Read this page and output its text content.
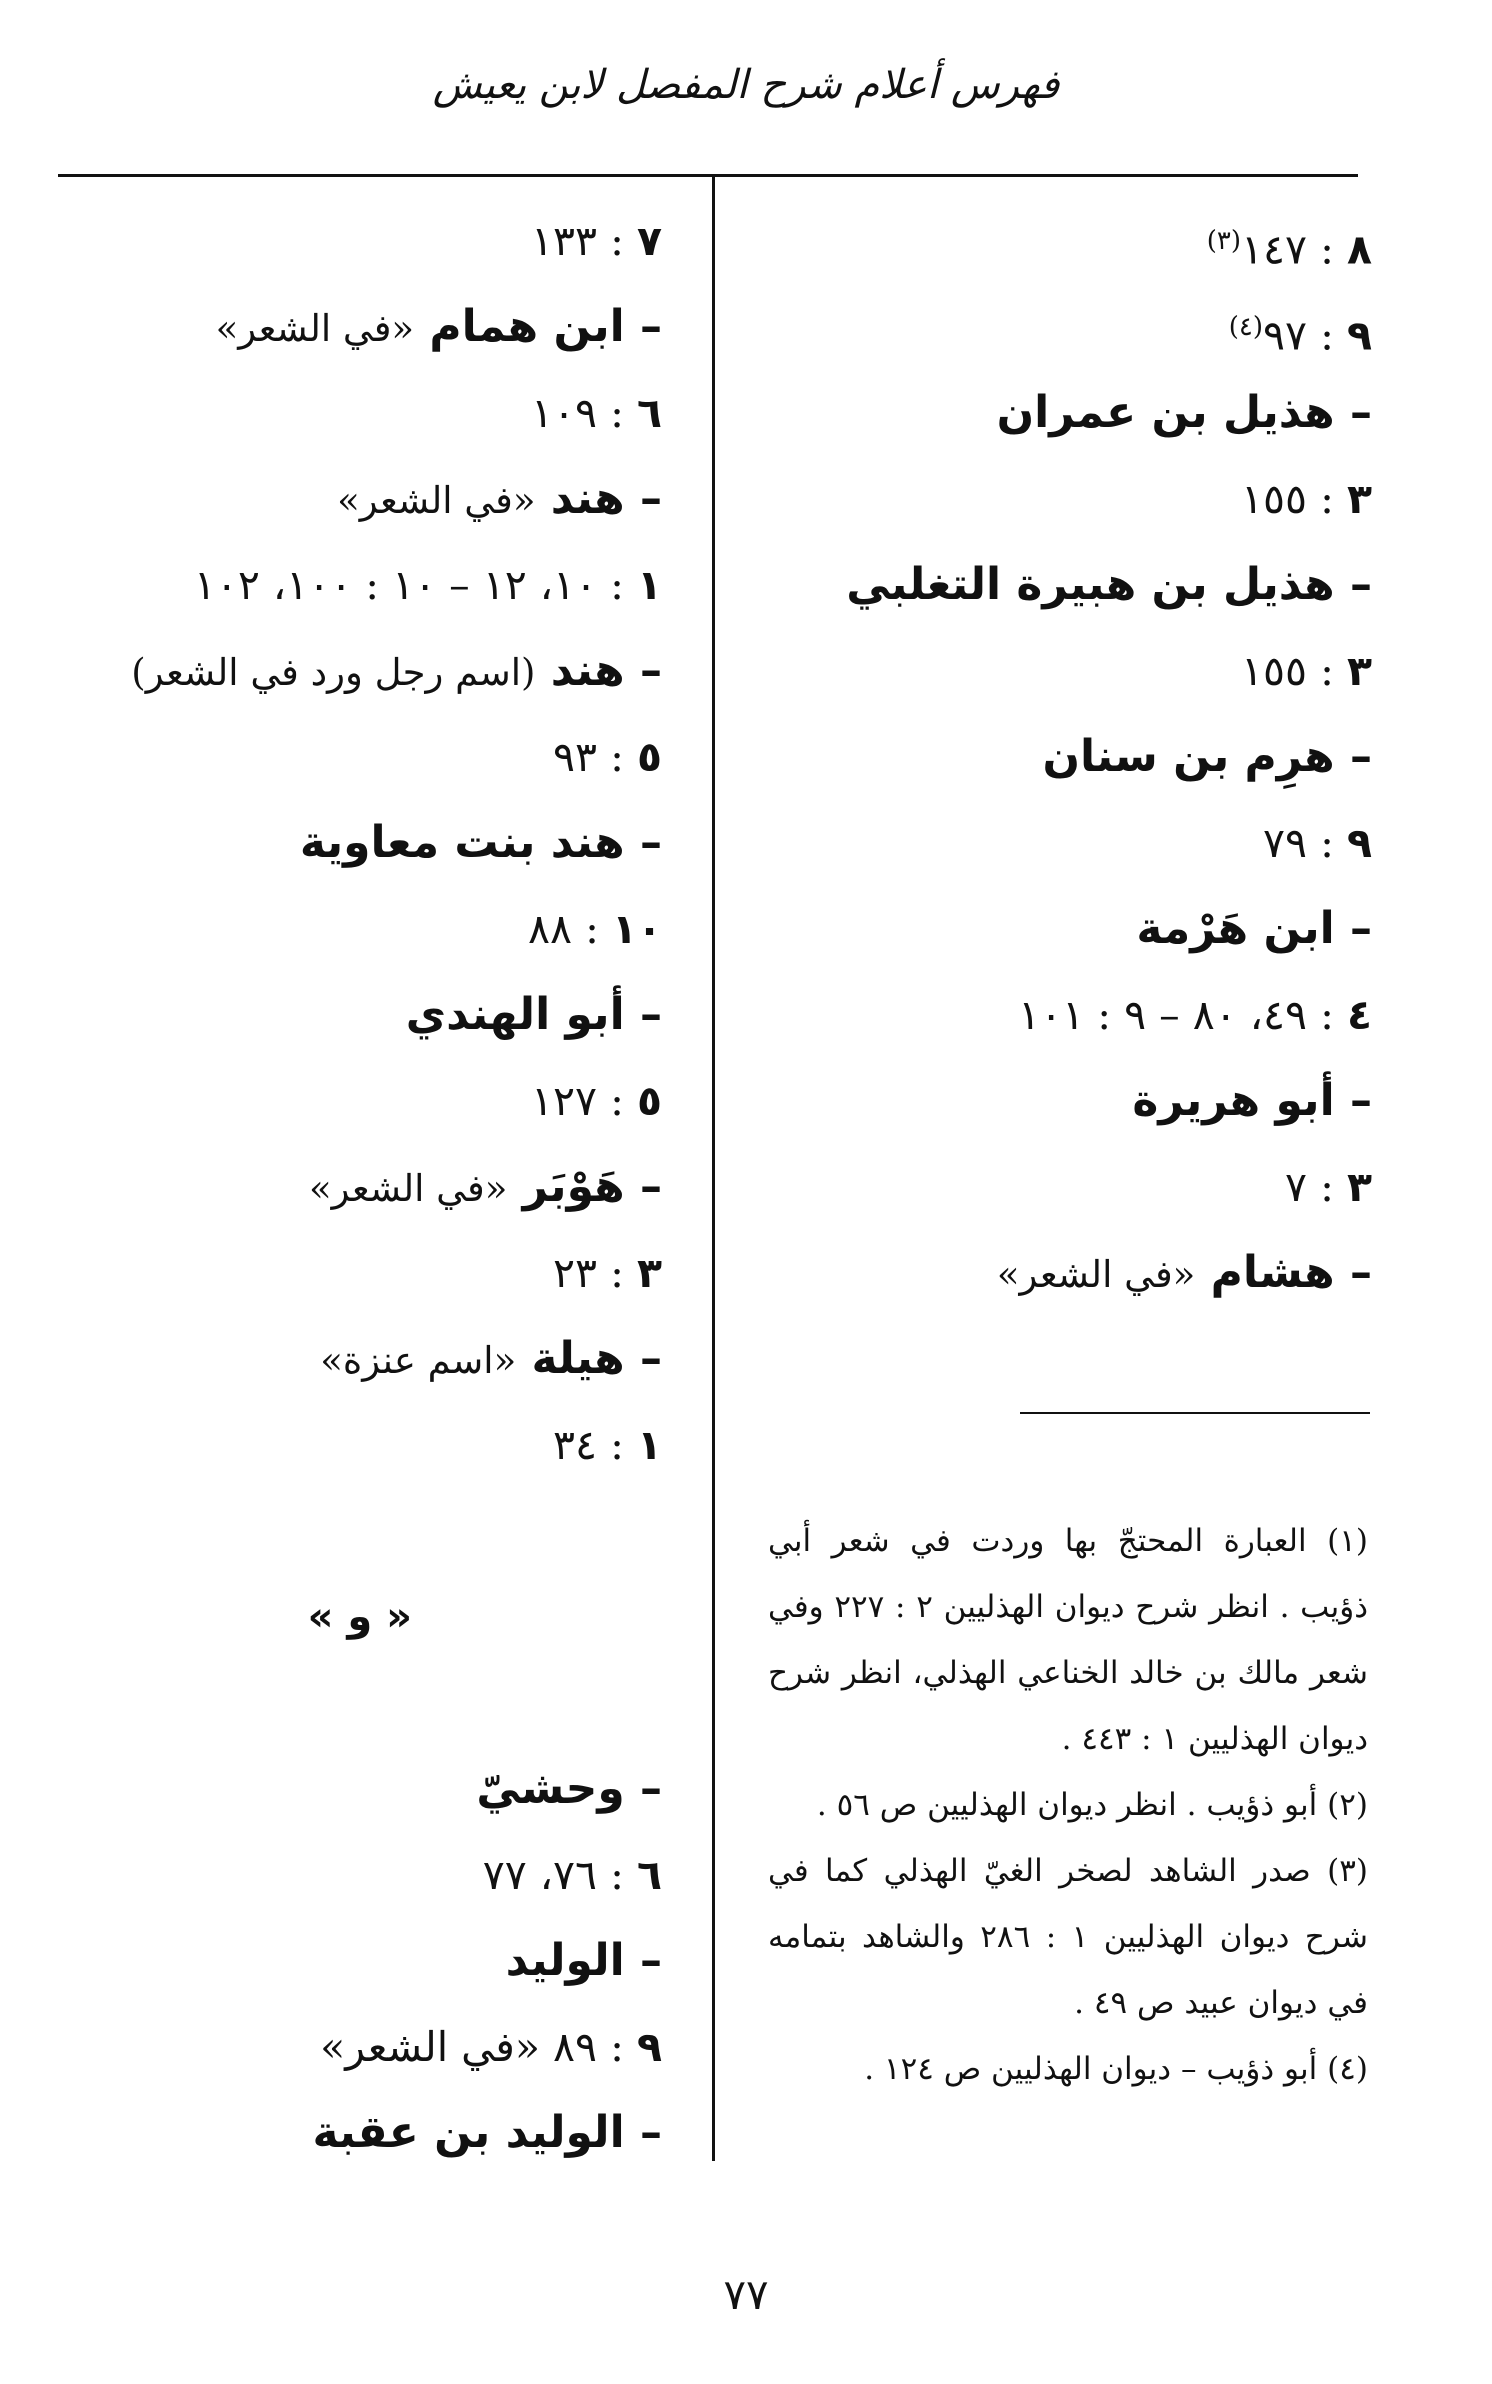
فهرس أعلام شرح المفصل لابن يعيش
٨ : ١٤٧$^{(٣)}$
٩ : ٩٧$^{(٤)}$
– هذيل بن عمران
٣ : ١٥٥
– هذيل بن هبيرة التغلبي
٣ : ١٥٥
– هرِم بن سنان
٩ : ٧٩
– ابن هَرْمة
٤ : ٤٩، ٨٠ – ٩ : ١٠١
– أبو هريرة
٣ : ٧
– هشام «في الشعر»
٧ : ١٣٣
– ابن همام «في الشعر»
٦ : ١٠٩
– هند «في الشعر»
١ : ١٠، ١٢ – ١٠ : ١٠٠، ١٠٢
– هند (اسم رجل ورد في الشعر)
٥ : ٩٣
– هند بنت معاوية
١٠ : ٨٨
– أبو الهندي
٥ : ١٢٧
– هَوْبَر «في الشعر»
٣ : ٢٣
– هيلة «اسم عنزة»
١ : ٣٤
« و »
– وحشيّ
٦ : ٧٦، ٧٧
– الوليد
٩ : ٨٩ «في الشعر»
– الوليد بن عقبة

(١) العبارة المحتجّ بها وردت في شعر أبي ذؤيب . انظر شرح ديوان الهذليين ٢ : ٢٢٧ وفي شعر مالك بن خالد الخناعي الهذلي، انظر شرح ديوان الهذليين ١ : ٤٤٣ .

(٢) أبو ذؤيب . انظر ديوان الهذليين ص ٥٦ .

(٣) صدر الشاهد لصخر الغيّ الهذلي كما في شرح ديوان الهذليين ١ : ٢٨٦ والشاهد بتمامه في ديوان عبيد ص ٤٩ .

(٤) أبو ذؤيب – ديوان الهذليين ص ١٢٤ .

٧٧
